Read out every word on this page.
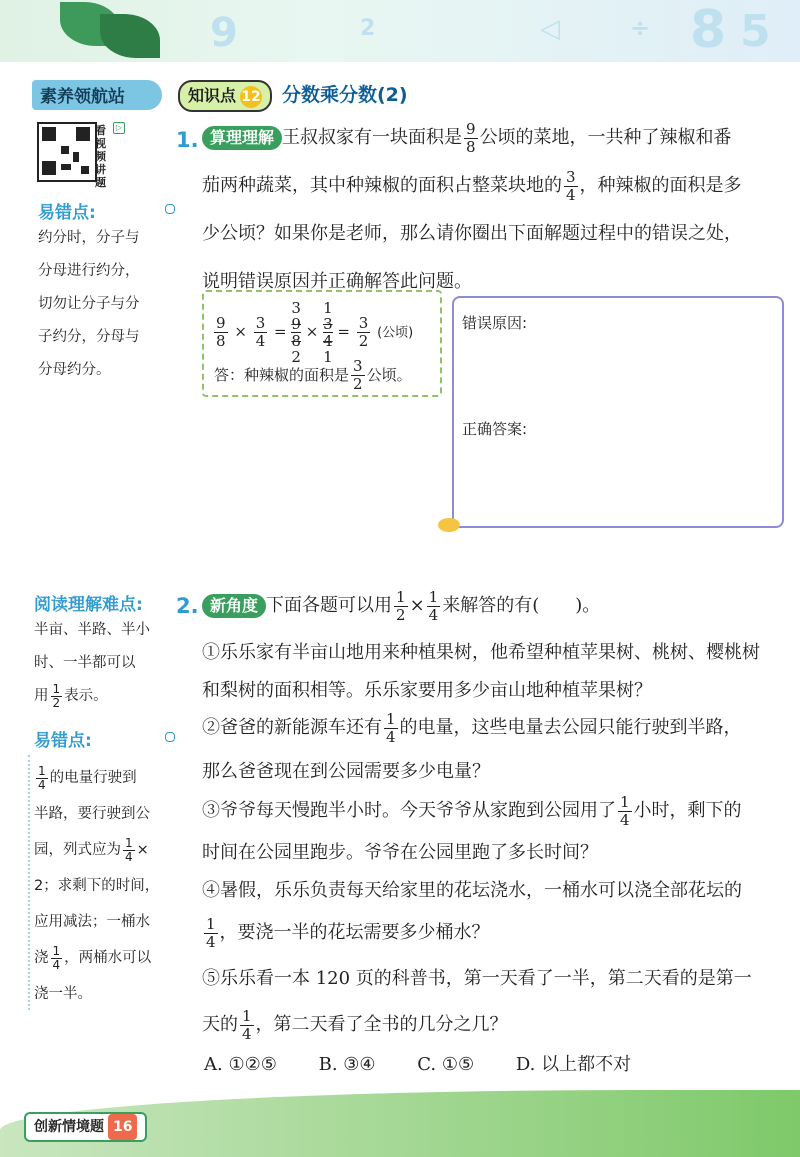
9	2	◁	÷ 8 5
素养领航站	知识点 12	分数乘分数(2)
看视频讲题
▷
易错点:
约分时，分子与
分母进行约分，
切勿让分子与分
子约分，分母与
分母约分。
阅读理解难点:
半亩、半路、半小
时、一半都可以
用 $\frac{1}{2}$ 表示。
易错点:
$\frac{1}{4}$ 的电量行驶到
半路，要行驶到公
园，列式应为 $\frac{1}{4}$ ×
2；求剩下的时间，
应用减法；一桶水
浇 $\frac{1}{4}$ ，两桶水可以
浇一半。
1. 算理理解 王叔叔家有一块面积是 $\frac{9}{8}$ 公顷的菜地，一共种了辣椒和番
茄两种蔬菜，其中种辣椒的面积占整菜块地的 $\frac{3}{4}$ ，种辣椒的面积是多
少公顷？如果你是老师，那么请你圈出下面解题过程中的错误之处，
说明错误原因并正确解答此问题。
$\frac{9}{8} \times \frac{3}{4}$ =
3
9
8
2
×
1
3
4
1
= $\frac{3}{2}$ (公顷)
答：种辣椒的面积是 $\frac{3}{2}$ 公顷。
错误原因:
正确答案:
2. 新角度 下面各题可以用 $\frac{1}{2} \times \frac{1}{4}$ 来解答的有(　　)。
①乐乐家有半亩山地用来种植果树，他希望种植苹果树、桃树、樱桃树
和梨树的面积相等。乐乐家要用多少亩山地种植苹果树？
②爸爸的新能源车还有 $\frac{1}{4}$ 的电量，这些电量去公园只能行驶到半路，
那么爸爸现在到公园需要多少电量？
③爷爷每天慢跑半小时。今天爷爷从家跑到公园用了 $\frac{1}{4}$ 小时，剩下的
时间在公园里跑步。爷爷在公园里跑了多长时间？
④暑假，乐乐负责每天给家里的花坛浇水，一桶水可以浇全部花坛的
$\frac{1}{4}$ ，要浇一半的花坛需要多少桶水？
⑤乐乐看一本 120 页的科普书，第一天看了一半，第二天看的是第一
天的 $\frac{1}{4}$ ，第二天看了全书的几分之几？
A. ①②⑤ B. ③④ C. ①⑤ D. 以上都不对
创新情境题 16
